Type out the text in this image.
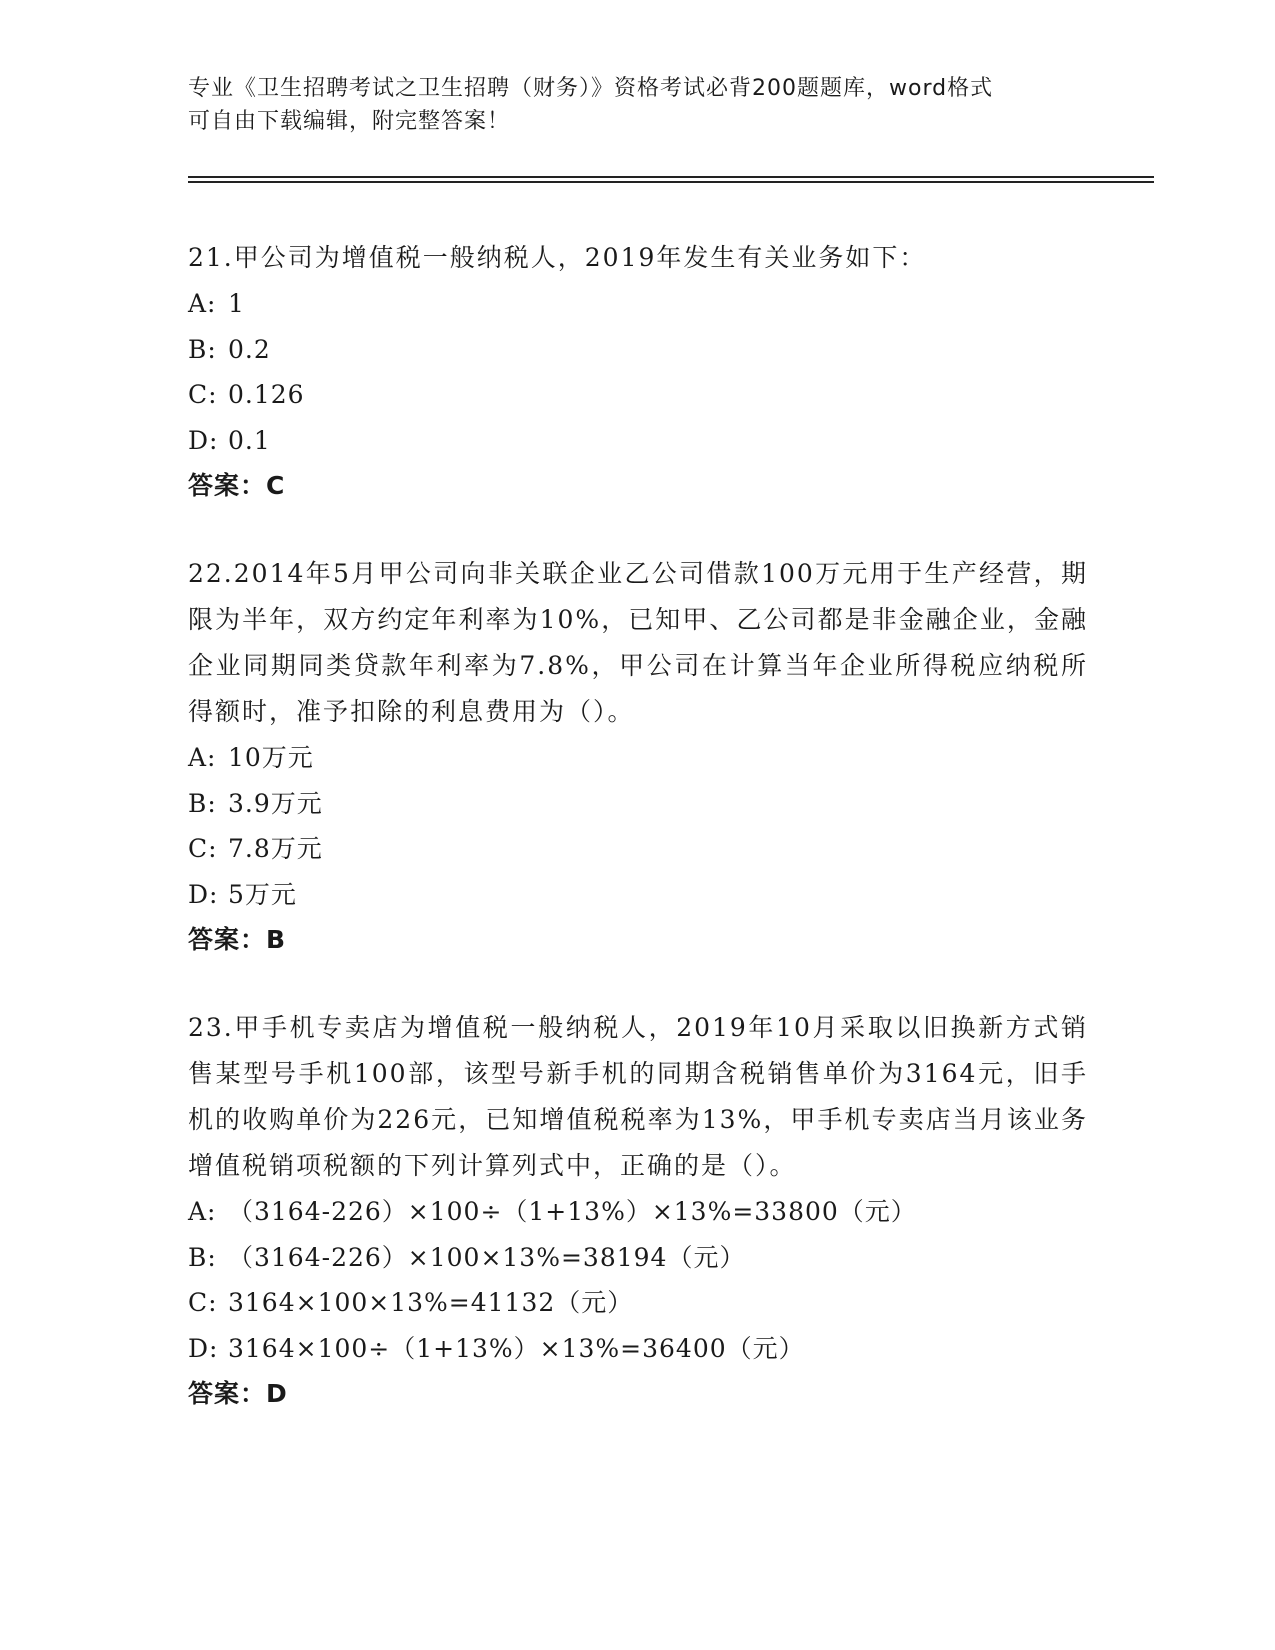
专业《卫生招聘考试之卫生招聘（财务）》资格考试必背200题题库，word格式

可自由下载编辑，附完整答案！

21.甲公司为增值税一般纳税人，2019年发生有关业务如下：

A: 1

B: 0.2

C: 0.126

D: 0.1

答案：C

22.2014年5月甲公司向非关联企业乙公司借款100万元用于生产经营，期限为半年，双方约定年利率为10%，已知甲、乙公司都是非金融企业，金融企业同期同类贷款年利率为7.8%，甲公司在计算当年企业所得税应纳税所得额时，准予扣除的利息费用为（）。

A: 10万元

B: 3.9万元

C: 7.8万元

D: 5万元

答案：B

23.甲手机专卖店为增值税一般纳税人，2019年10月采取以旧换新方式销售某型号手机100部，该型号新手机的同期含税销售单价为3164元，旧手机的收购单价为226元，已知增值税税率为13%，甲手机专卖店当月该业务增值税销项税额的下列计算列式中，正确的是（）。

A: （3164-226）×100÷（1+13%）×13%=33800（元）

B: （3164-226）×100×13%=38194（元）

C: 3164×100×13%=41132（元）

D: 3164×100÷（1+13%）×13%=36400（元）

答案：D
